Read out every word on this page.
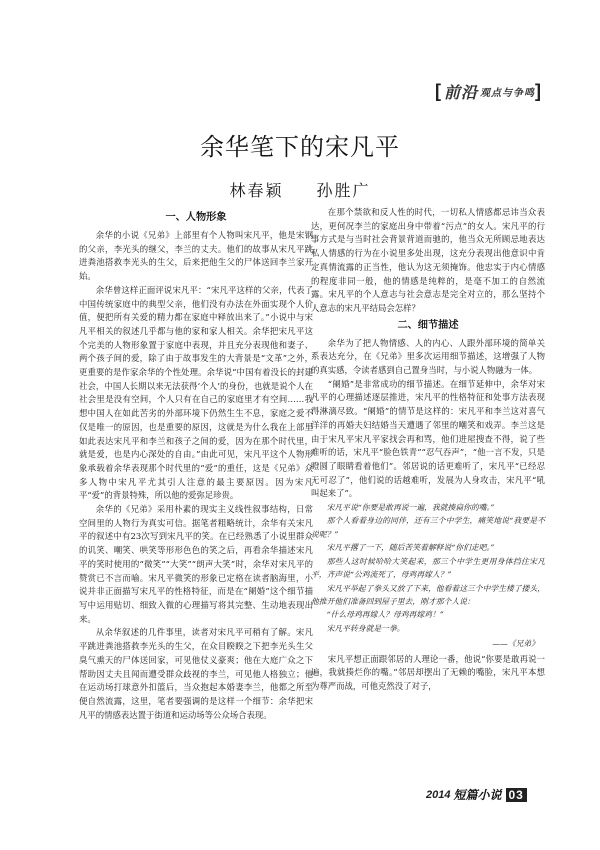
[ 前沿 观点与争鸣 ]
余华笔下的宋凡平
林春颖 孙胜广
一、人物形象

余华的小说《兄弟》上部里有个人物叫宋凡平，他是宋钢的父亲，李光头的继父，李兰的丈夫。他们的故事从宋凡平跳进粪池搭救李光头的生父，后来把他生父的尸体送回李兰家开始。

余华曾这样正面评说宋凡平：“宋凡平这样的父亲，代表了中国传统家庭中的典型父亲，他们没有办法在外面实现个人价值，便把所有关爱的精力都在家庭中释放出来了。”小说中与宋凡平相关的叙述几乎都与他的家和家人相关。余华把宋凡平这个完美的人物形象置于家庭中表现，并且充分表现他和妻子、两个孩子间的爱，除了由于故事发生的大背景是“文革”之外，更重要的是作家余华的个性处理。余华说“中国有着没长的封建社会，中国人长期以来无法获得‘个人’的身份，也就是说个人在社会里是没有空间，个人只有在自己的家庭里才有空间……我想中国人在如此苦劣的外部环境下仍然生生不息，家庭之爱不仅是唯一的原因，也是重要的原因，这就是为什么我在上部里如此表达宋凡平和李兰和孩子之间的爱，因为在那个时代里，就是爱，也是内心深处的自由。”由此可见，宋凡平这个人物形象承载着余华表现那个时代里的“爱”的重任，这是《兄弟》众多人物中宋凡平尤其引人注意的最主要原因。因为宋凡平“爱”的背景特殊，所以他的爱弥足珍贵。

余华的《兄弟》采用朴素的现实主义线性叙事结构，日常空间里的人物行为真实可信。据笔者粗略统计，余华有关宋凡平的叙述中有23次写到宋凡平的笑。在已经熟悉了小说里群众的讥笑、嘲笑、哄笑等形形色色的笑之后，再看余华描述宋凡平的笑时使用的“微笑”“大笑”“朗声大笑”时，余华对宋凡平的赞赏已不言而喻。宋凡平微笑的形象已定格在读者脑海里，小说并非正面描写宋凡平的性格特征，而是在“阑婚”这个细节描写中运用贴切、细致入微的心理描写将其完整、生动地表现出来。

从余华叙述的几件事里，读者对宋凡平可稍有了解。宋凡平跳进粪池搭救李光头的生父，在众目睽睽之下把李光头生父臭气熏天的尸体送回家，可见他仗义豪爽；他在大庭广众之下帮助因丈夫且闻而遭受群众歧视的李兰，可见他人格独立；他在运动场打球意外扣篮后，当众抱起本婚妻李兰，他都之所至便自然流露，这里，笔者要强调的是这样一个细节：余华把宋凡平的情感表达置于街道和运动场等公众场合表现。

在那个禁欲和反人性的时代，一切私人情感都忌讳当众表达，更何况李兰的家庭出身中带着“污点”的女人。宋凡平的行事方式是与当时社会背景背道而驰的，他当众无所顾忌地表达私人情感的行为在小说里多处出现，这充分表现出他意识中肯定真情流露的正当性，他认为这无须掩饰。他忠实于内心情感的程度非同一般，他的情感是纯粹的，是毫不加工的自然流露。宋凡平的个人意志与社会意志是完全对立的，那么坚持个人意志的宋凡平结局会怎样？

二、细节描述

余华为了把人物情感、人的内心、人跟外部环境的简单关系表达充分，在《兄弟》里多次运用细节描述，这增强了人物的真实感，令读者感到自己置身当时，与小说人物融为一体。

“阑婚”是非常成功的细节描述。在细节延伸中，余华对宋凡平的心理描述逐层推进，宋凡平的性格特征和处事方法表现得淋漓尽致。“阑婚”的情节是这样的：宋凡平和李兰这对喜气洋洋的再婚夫妇结婚当天遭遇了邻里的嘲笑和戏弄。李兰这是由于宋凡平宋凡平家找会再和骂，他们进屋搜查不得，说了些难听的话，宋凡平“脸色铁青”“忍气吞声”，“他一言不发，只是瞪圆了眼睛看着他们”。邻居说的话更难听了，宋凡平“已经忍无可忍了”，他们说的话越难听，发展为人身攻击，宋凡平“吼叫起来了”。

宋凡平说“你要是敢再说一遍，我就揍扁你的嘴。”

那个人看着身边的同伴，还有三个中学生，痛笑地说“我要是不说呢？”

宋凡平撂了一下，随后苦笑着解释说“你们走吧。”

那些人这时候哈哈大笑起来，那三个中学生更用身体挡住宋凡平，齐声说“公鸡流死了，母鸡再嫁人？”

宋凡平举起了拳头又放了下来，他看着这三个中学生楼了搂头，他推开他们准备回到屋子里去，刚才那个人说：

“什么母鸡再嫁人？母鸡再嫁鸡！”

宋凡平转身就是一拳。

——《兄弟》

宋凡平想正面跟邻居的人理论一番，他说“你要是敢再说一遍，我就揍烂你的嘴。”邻居却摆出了无赖的嘴脸，宋凡平本想为尊严而战，可他克然没了对子，

2014 短篇小说 03
